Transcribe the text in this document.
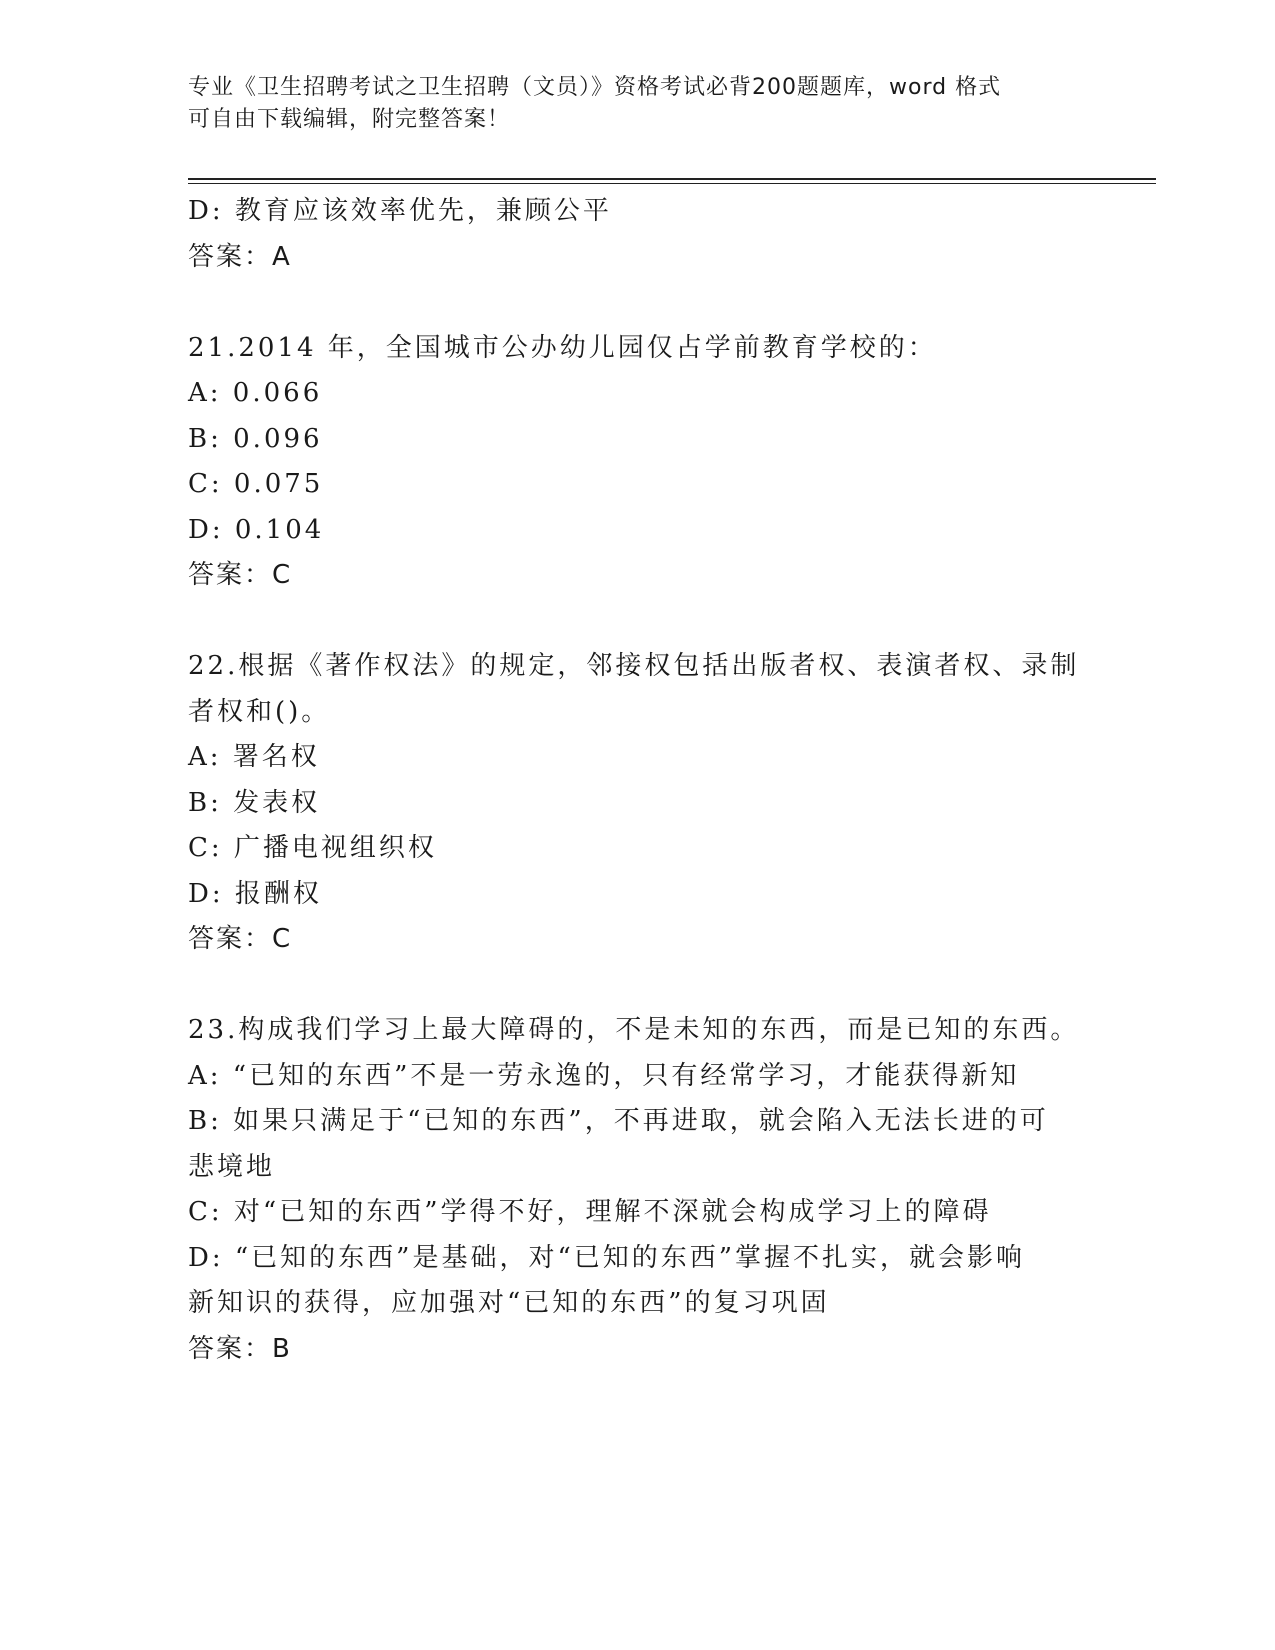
专业《卫生招聘考试之卫生招聘（文员）》资格考试必背200题题库，word 格式
可自由下载编辑，附完整答案！
D: 教育应该效率优先，兼顾公平
答案：A
21.2014 年，全国城市公办幼儿园仅占学前教育学校的：
A: 0.066
B: 0.096
C: 0.075
D: 0.104
答案：C
22.根据《著作权法》的规定，邻接权包括出版者权、表演者权、录制
者权和()。
A: 署名权
B: 发表权
C: 广播电视组织权
D: 报酬权
答案：C
23.构成我们学习上最大障碍的，不是未知的东西，而是已知的东西。
A: “已知的东西”不是一劳永逸的，只有经常学习，才能获得新知
B: 如果只满足于“已知的东西”，不再进取，就会陷入无法长进的可
悲境地
C: 对“已知的东西”学得不好，理解不深就会构成学习上的障碍
D: “已知的东西”是基础，对“已知的东西”掌握不扎实，就会影响
新知识的获得，应加强对“已知的东西”的复习巩固
答案：B
